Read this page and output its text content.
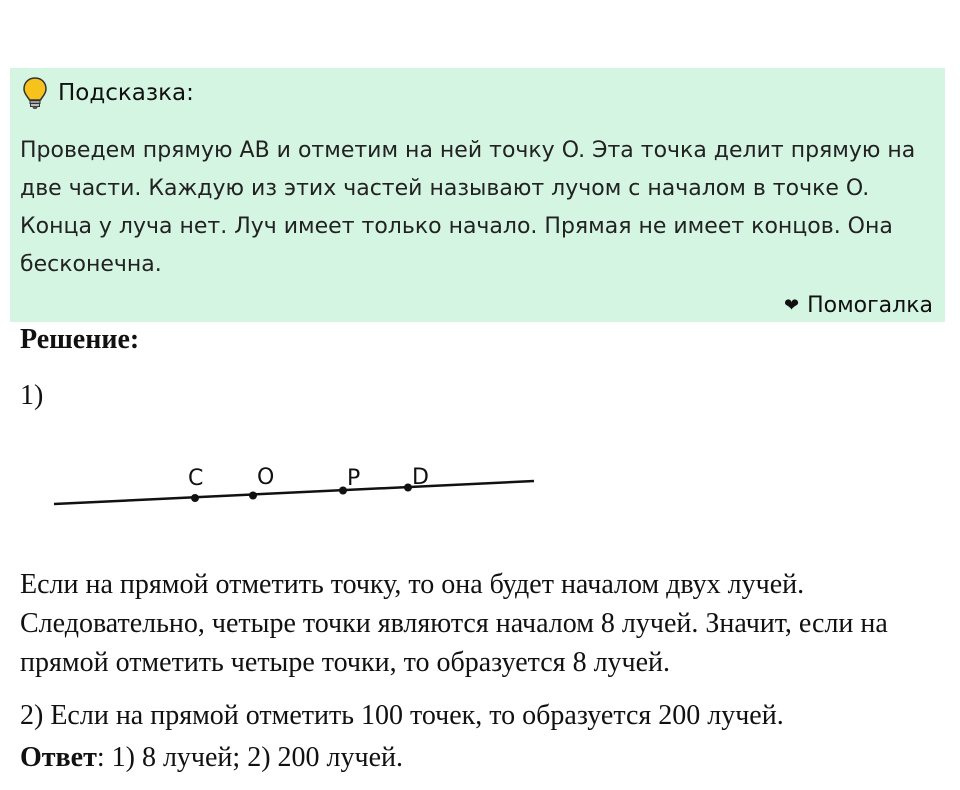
Подсказка:
Проведем прямую AB и отметим на ней точку O. Эта точка делит прямую на две части. Каждую из этих частей называют лучом с началом в точке O. Конца у луча нет. Луч имеет только начало. Прямая не имеет концов. Она бесконечна.
❤ Помогалка
Решение:
1)
C O	P D
Если на прямой отметить точку, то она будет началом двух лучей. Следовательно, четыре точки являются началом 8 лучей. Значит, если на прямой отметить четыре точки, то образуется 8 лучей.
2) Если на прямой отметить 100 точек, то образуется 200 лучей.
Ответ: 1) 8 лучей; 2) 200 лучей.
